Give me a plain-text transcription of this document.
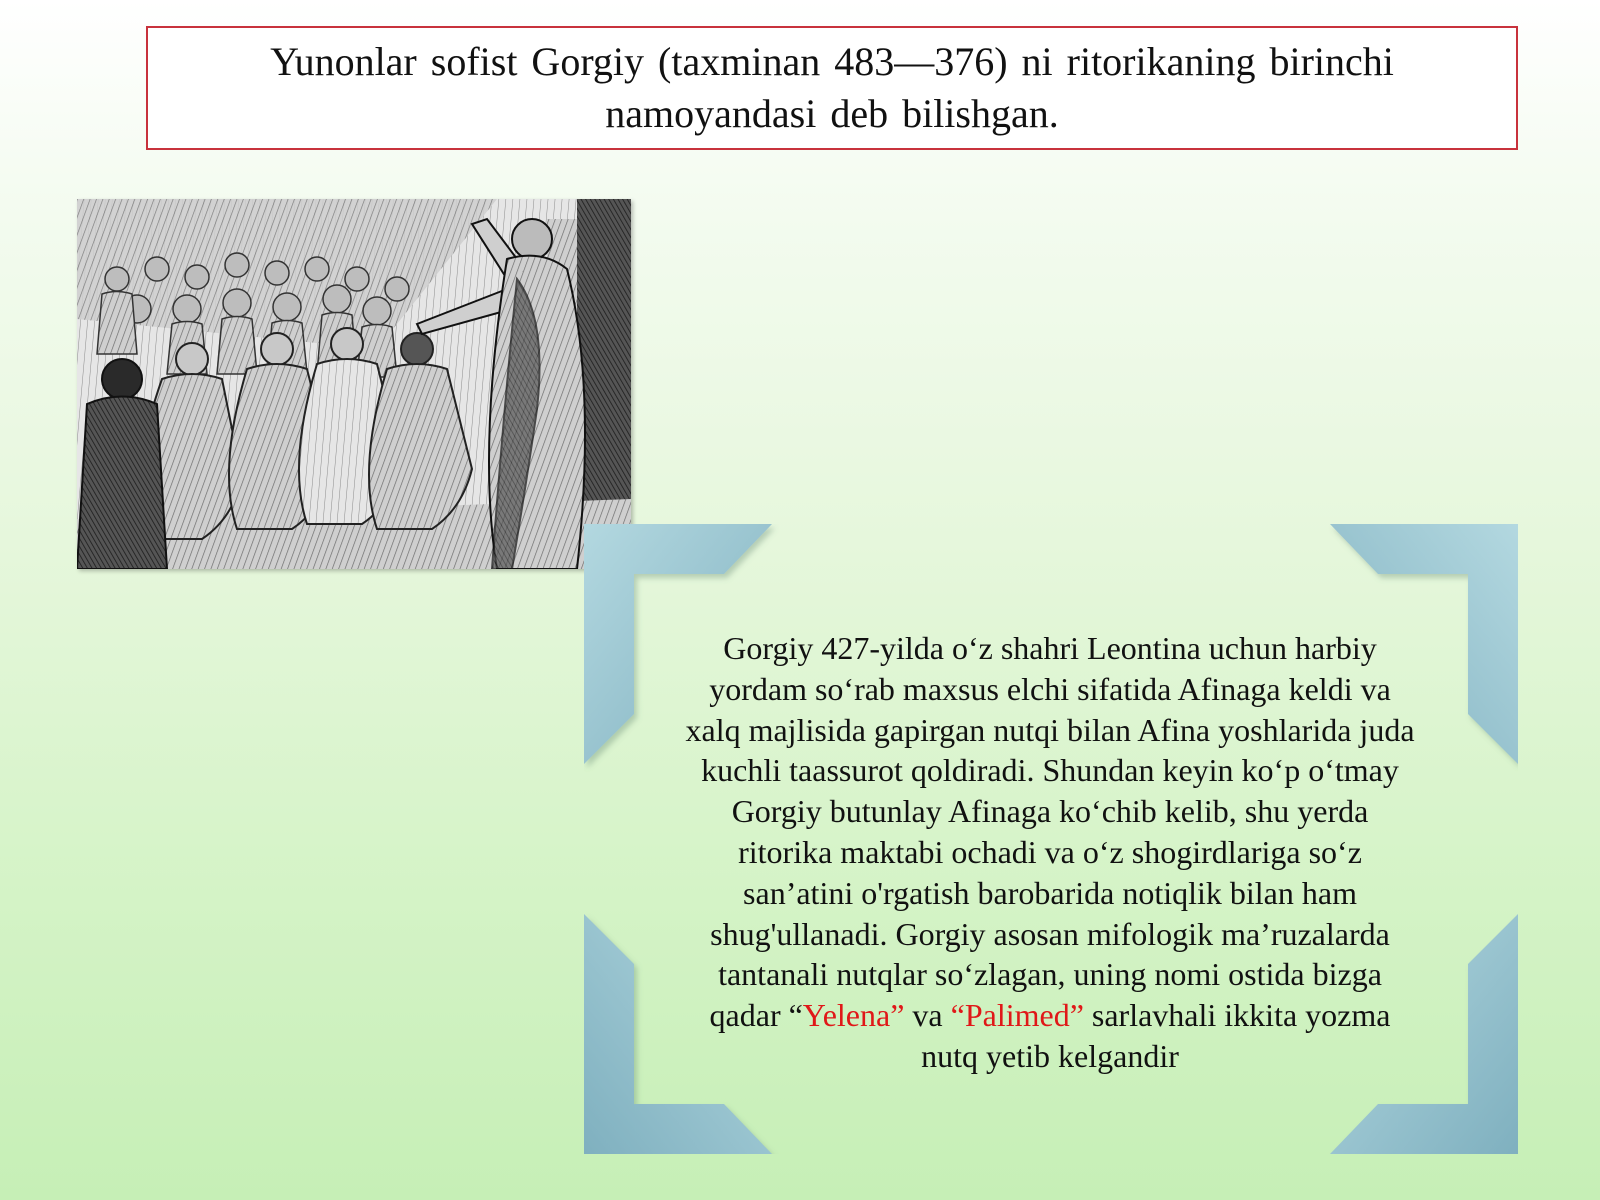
Yunonlar sofist Gorgiy (taxminan 483—376) ni ritorikaning birinchi
namoyandasi deb bilishgan.
Gorgiy 427-yilda o‘z shahri Leontina uchun harbiy
yordam so‘rab maxsus elchi sifatida Afinaga keldi va
xalq majlisida gapirgan nutqi bilan Afina yoshlarida juda
kuchli taassurot qoldiradi. Shundan keyin ko‘p o‘tmay
Gorgiy butunlay Afinaga ko‘chib kelib, shu yerda
ritorika maktabi ochadi va o‘z shogirdlariga so‘z
san’atini o'rgatish barobarida notiqlik bilan ham
shug'ullanadi. Gorgiy asosan mifologik ma’ruzalarda
tantanali nutqlar so‘zlagan, uning nomi ostida bizga
qadar “Yelena” va “Palimed” sarlavhali ikkita yozma
nutq yetib kelgandir
